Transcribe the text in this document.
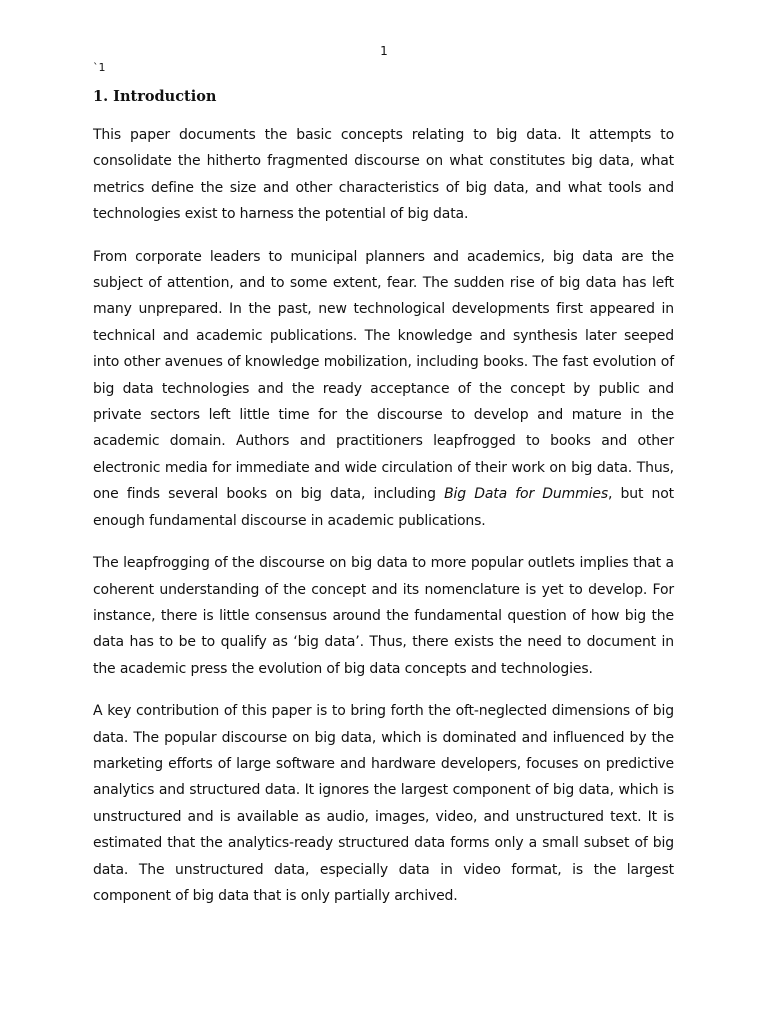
1
`1
1. Introduction

This paper documents the basic concepts relating to big data. It attempts to consolidate the hitherto fragmented discourse on what constitutes big data, what metrics define the size and other characteristics of big data, and what tools and technologies exist to harness the potential of big data.

From corporate leaders to municipal planners and academics, big data are the subject of attention, and to some extent, fear. The sudden rise of big data has left many unprepared. In the past, new technological developments first appeared in technical and academic publications. The knowledge and synthesis later seeped into other avenues of knowledge mobilization, including books. The fast evolution of big data technologies and the ready acceptance of the concept by public and private sectors left little time for the discourse to develop and mature in the academic domain. Authors and practitioners leapfrogged to books and other electronic media for immediate and wide circulation of their work on big data. Thus, one finds several books on big data, including Big Data for Dummies, but not enough fundamental discourse in academic publications.

The leapfrogging of the discourse on big data to more popular outlets implies that a coherent understanding of the concept and its nomenclature is yet to develop. For instance, there is little consensus around the fundamental question of how big the data has to be to qualify as ‘big data’. Thus, there exists the need to document in the academic press the evolution of big data concepts and technologies.

A key contribution of this paper is to bring forth the oft-neglected dimensions of big data. The popular discourse on big data, which is dominated and influenced by the marketing efforts of large software and hardware developers, focuses on predictive analytics and structured data. It ignores the largest component of big data, which is unstructured and is available as audio, images, video, and unstructured text. It is estimated that the analytics-ready structured data forms only a small subset of big data. The unstructured data, especially data in video format, is the largest component of big data that is only partially archived.
